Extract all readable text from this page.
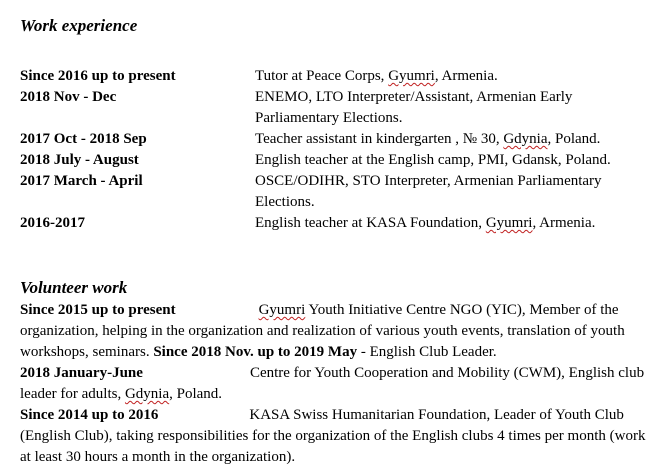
Work experience
Since 2016 up to present	Tutor at Peace Corps, Gyumri, Armenia.
2018 Nov - Dec	ENEMO, LTO Interpreter/Assistant, Armenian Early Parliamentary Elections.
2017 Oct - 2018 Sep	Teacher assistant in kindergarten , № 30, Gdynia, Poland.
2018 July - August	English teacher at the English camp, PMI, Gdansk, Poland.
2017 March - April	OSCE/ODIHR, STO Interpreter, Armenian Parliamentary Elections.
2016-2017	English teacher at KASA Foundation, Gyumri, Armenia.
Volunteer work

Since 2015 up to present	Gyumri Youth Initiative Centre NGO (YIC), Member of the organization, helping in the organization and realization of various youth events, translation of youth workshops, seminars. Since 2018 Nov. up to 2019 May - English Club Leader.

2018 January-June	Centre for Youth Cooperation and Mobility (CWM), English club leader for adults, Gdynia, Poland.

Since 2014 up to 2016	KASA Swiss Humanitarian Foundation, Leader of Youth Club (English Club), taking responsibilities for the organization of the English clubs 4 times per month (work at least 30 hours a month in the organization).
